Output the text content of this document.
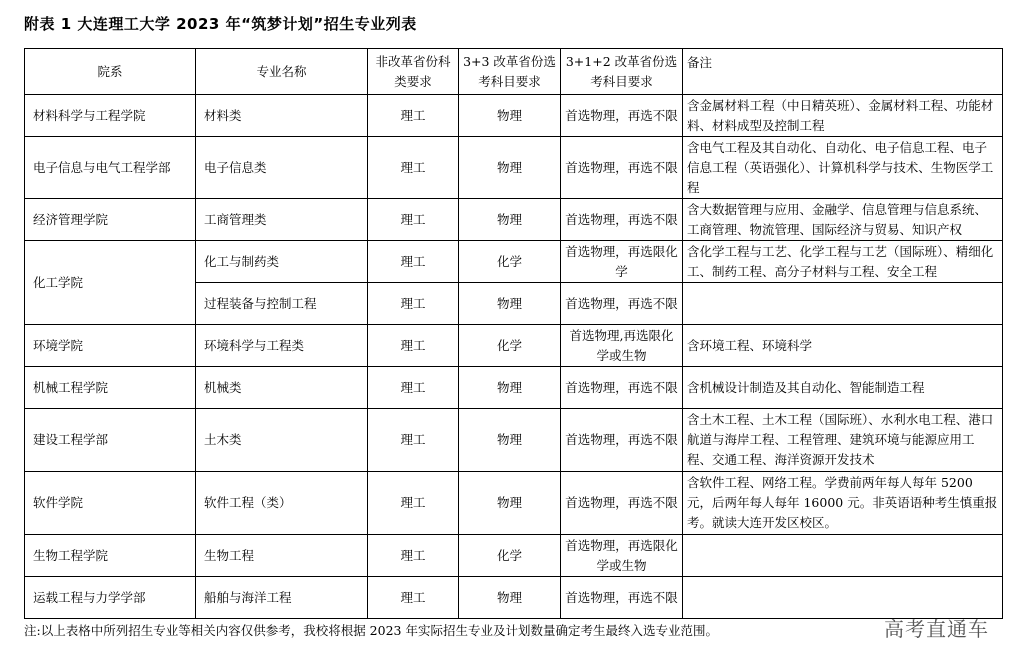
附表 1 大连理工大学 2023 年“筑梦计划”招生专业列表
院系	专业名称	非改革省份科类要求	3+3 改革省份选考科目要求	3+1+2 改革省份选考科目要求	备注
材料科学与工程学院	材料类	理工	物理	首选物理，再选不限	含金属材料工程（中日精英班）、金属材料工程、功能材料、材料成型及控制工程
电子信息与电气工程学部	电子信息类	理工	物理	首选物理，再选不限	含电气工程及其自动化、自动化、电子信息工程、电子信息工程（英语强化）、计算机科学与技术、生物医学工程
经济管理学院	工商管理类	理工	物理	首选物理，再选不限	含大数据管理与应用、金融学、信息管理与信息系统、工商管理、物流管理、国际经济与贸易、知识产权
化工学院	化工与制药类	理工	化学	首选物理，再选限化学	含化学工程与工艺、化学工程与工艺（国际班）、精细化工、制药工程、高分子材料与工程、安全工程
	过程装备与控制工程	理工	物理	首选物理，再选不限	
环境学院	环境科学与工程类	理工	化学	首选物理,再选限化学或生物	含环境工程、环境科学
机械工程学院	机械类	理工	物理	首选物理，再选不限	含机械设计制造及其自动化、智能制造工程
建设工程学部	土木类	理工	物理	首选物理，再选不限	含土木工程、土木工程（国际班）、水利水电工程、港口航道与海岸工程、工程管理、建筑环境与能源应用工程、交通工程、海洋资源开发技术
软件学院	软件工程（类）	理工	物理	首选物理，再选不限	含软件工程、网络工程。学费前两年每人每年 5200 元，后两年每人每年 16000 元。非英语语种考生慎重报考。就读大连开发区校区。
生物工程学院	生物工程	理工	化学	首选物理，再选限化学或生物	
运载工程与力学学部	船舶与海洋工程	理工	物理	首选物理，再选不限	
注:以上表格中所列招生专业等相关内容仅供参考，我校将根据 2023 年实际招生专业及计划数量确定考生最终入选专业范围。	高考直通车
